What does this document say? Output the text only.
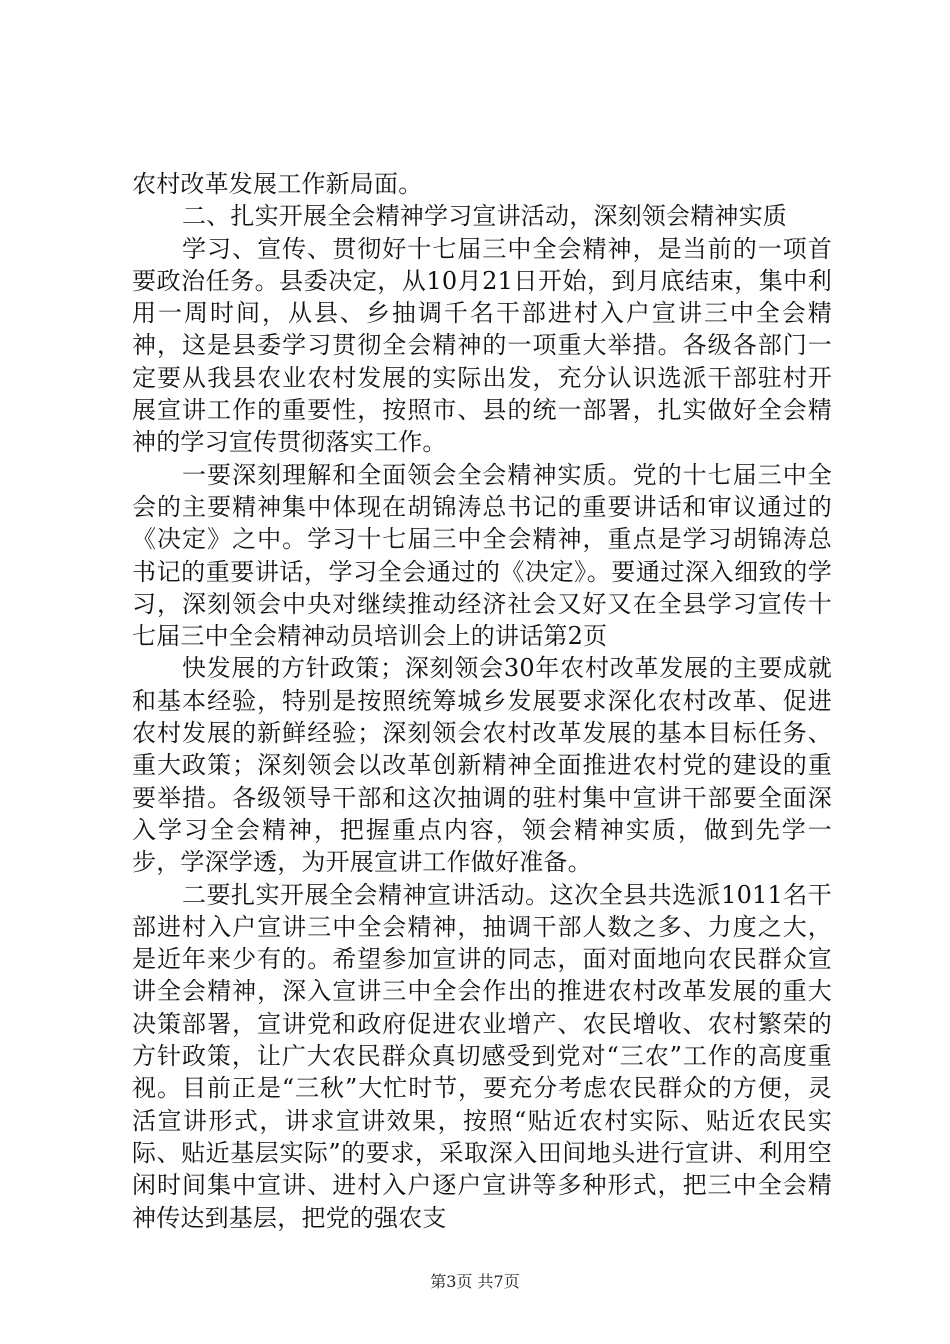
农村改革发展工作新局面。

二、扎实开展全会精神学习宣讲活动，深刻领会精神实质

学习、宣传、贯彻好十七届三中全会精神，是当前的一项首要政治任务。县委决定，从10月21日开始，到月底结束，集中利用一周时间，从县、乡抽调千名干部进村入户宣讲三中全会精神，这是县委学习贯彻全会精神的一项重大举措。各级各部门一定要从我县农业农村发展的实际出发，充分认识选派干部驻村开展宣讲工作的重要性，按照市、县的统一部署，扎实做好全会精神的学习宣传贯彻落实工作。

一要深刻理解和全面领会全会精神实质。党的十七届三中全会的主要精神集中体现在胡锦涛总书记的重要讲话和审议通过的《决定》之中。学习十七届三中全会精神，重点是学习胡锦涛总书记的重要讲话，学习全会通过的《决定》。要通过深入细致的学习，深刻领会中央对继续推动经济社会又好又在全县学习宣传十七届三中全会精神动员培训会上的讲话第2页

快发展的方针政策；深刻领会30年农村改革发展的主要成就和基本经验，特别是按照统筹城乡发展要求深化农村改革、促进农村发展的新鲜经验；深刻领会农村改革发展的基本目标任务、重大政策；深刻领会以改革创新精神全面推进农村党的建设的重要举措。各级领导干部和这次抽调的驻村集中宣讲干部要全面深入学习全会精神，把握重点内容，领会精神实质，做到先学一步，学深学透，为开展宣讲工作做好准备。

二要扎实开展全会精神宣讲活动。这次全县共选派1011名干部进村入户宣讲三中全会精神，抽调干部人数之多、力度之大，是近年来少有的。希望参加宣讲的同志，面对面地向农民群众宣讲全会精神，深入宣讲三中全会作出的推进农村改革发展的重大决策部署，宣讲党和政府促进农业增产、农民增收、农村繁荣的方针政策，让广大农民群众真切感受到党对“三农”工作的高度重视。目前正是“三秋”大忙时节，要充分考虑农民群众的方便，灵活宣讲形式，讲求宣讲效果，按照“贴近农村实际、贴近农民实际、贴近基层实际”的要求，采取深入田间地头进行宣讲、利用空闲时间集中宣讲、进村入户逐户宣讲等多种形式，把三中全会精神传达到基层，把党的强农支

第3页 共7页
